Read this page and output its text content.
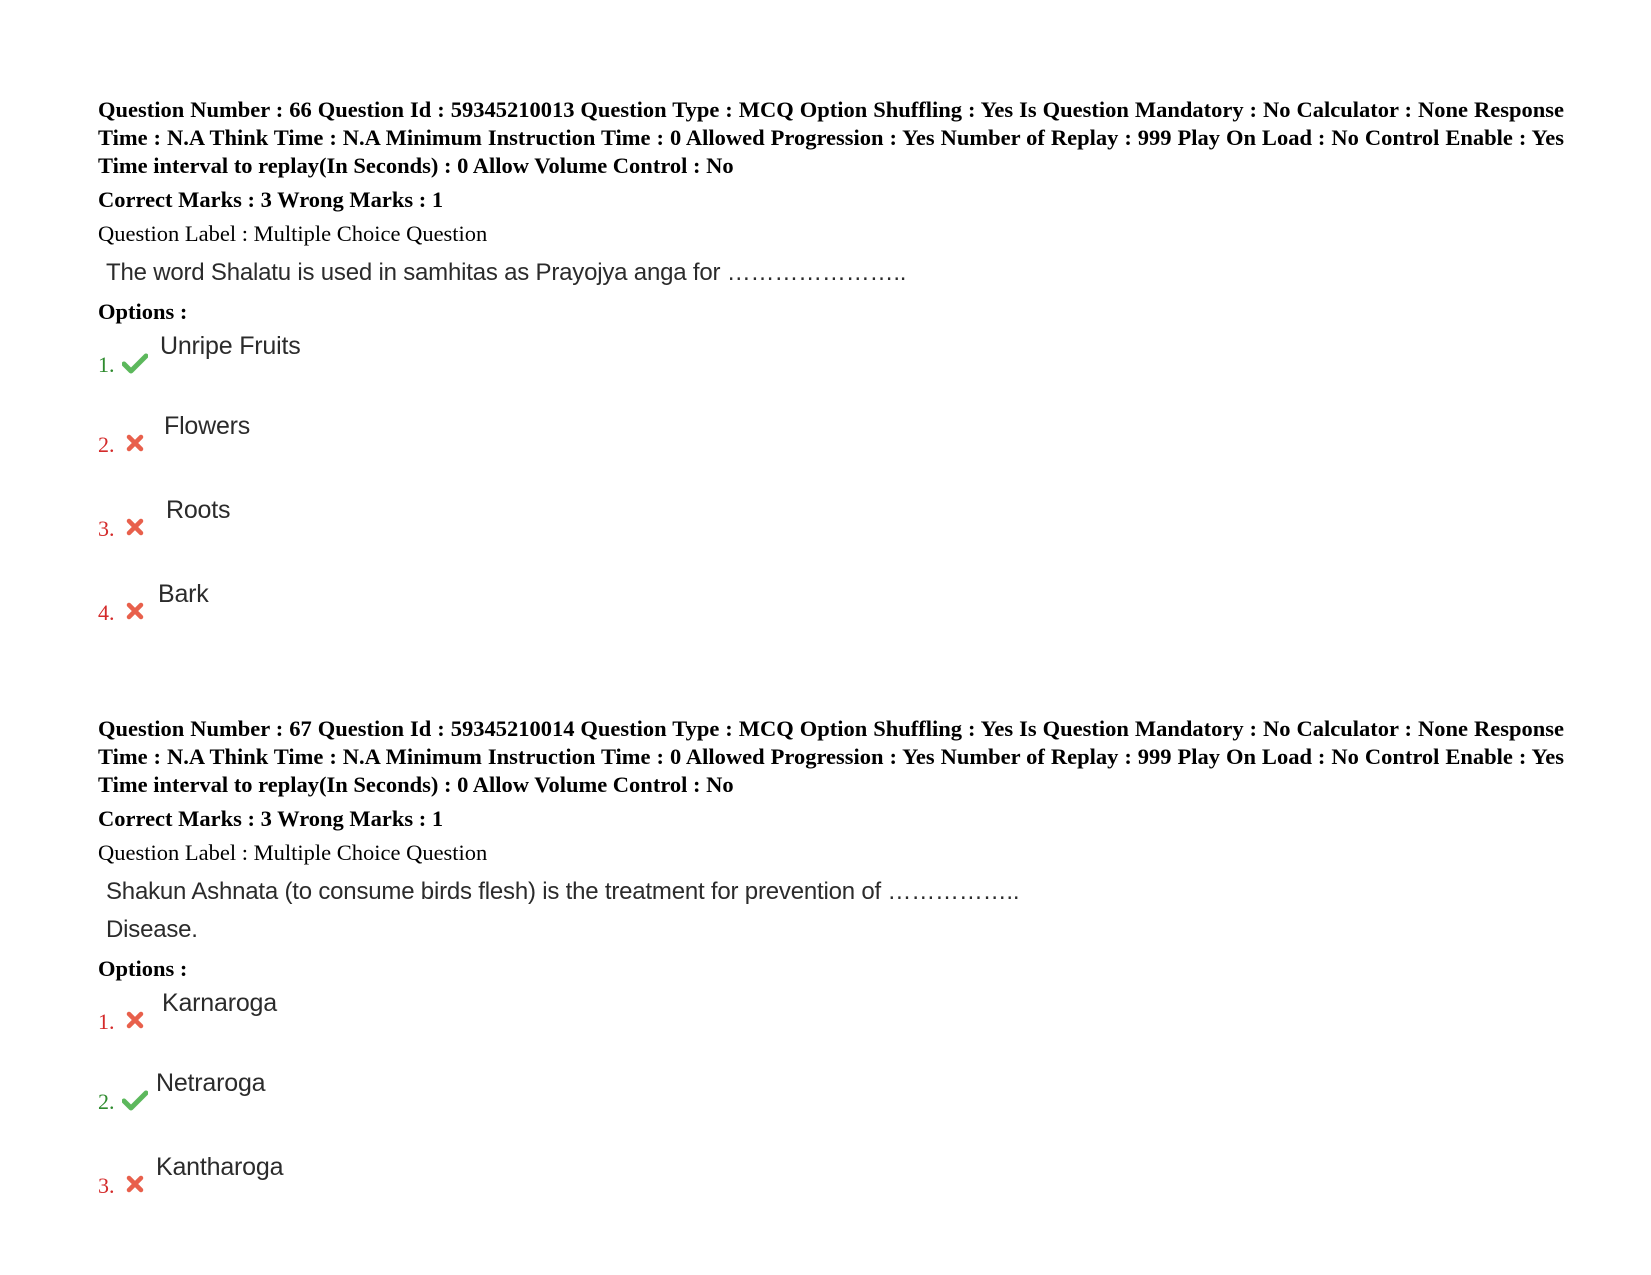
Question Number : 66 Question Id : 59345210013 Question Type : MCQ Option Shuffling : Yes Is Question Mandatory : No Calculator : None Response Time : N.A Think Time : N.A Minimum Instruction Time : 0 Allowed Progression : Yes Number of Replay : 999 Play On Load : No Control Enable : Yes Time interval to replay(In Seconds) : 0 Allow Volume Control : No

Correct Marks : 3 Wrong Marks : 1

Question Label : Multiple Choice Question

The word Shalatu is used in samhitas as Prayojya anga for …………………..

Options :

1.
Unripe Fruits
2.
Flowers
3.
Roots
4.
Bark

Question Number : 67 Question Id : 59345210014 Question Type : MCQ Option Shuffling : Yes Is Question Mandatory : No Calculator : None Response Time : N.A Think Time : N.A Minimum Instruction Time : 0 Allowed Progression : Yes Number of Replay : 999 Play On Load : No Control Enable : Yes Time interval to replay(In Seconds) : 0 Allow Volume Control : No

Correct Marks : 3 Wrong Marks : 1

Question Label : Multiple Choice Question

Shakun Ashnata (to consume birds flesh) is the treatment for prevention of ……………..
Disease.

Options :

1.
Karnaroga
2.
Netraroga
3.
Kantharoga
